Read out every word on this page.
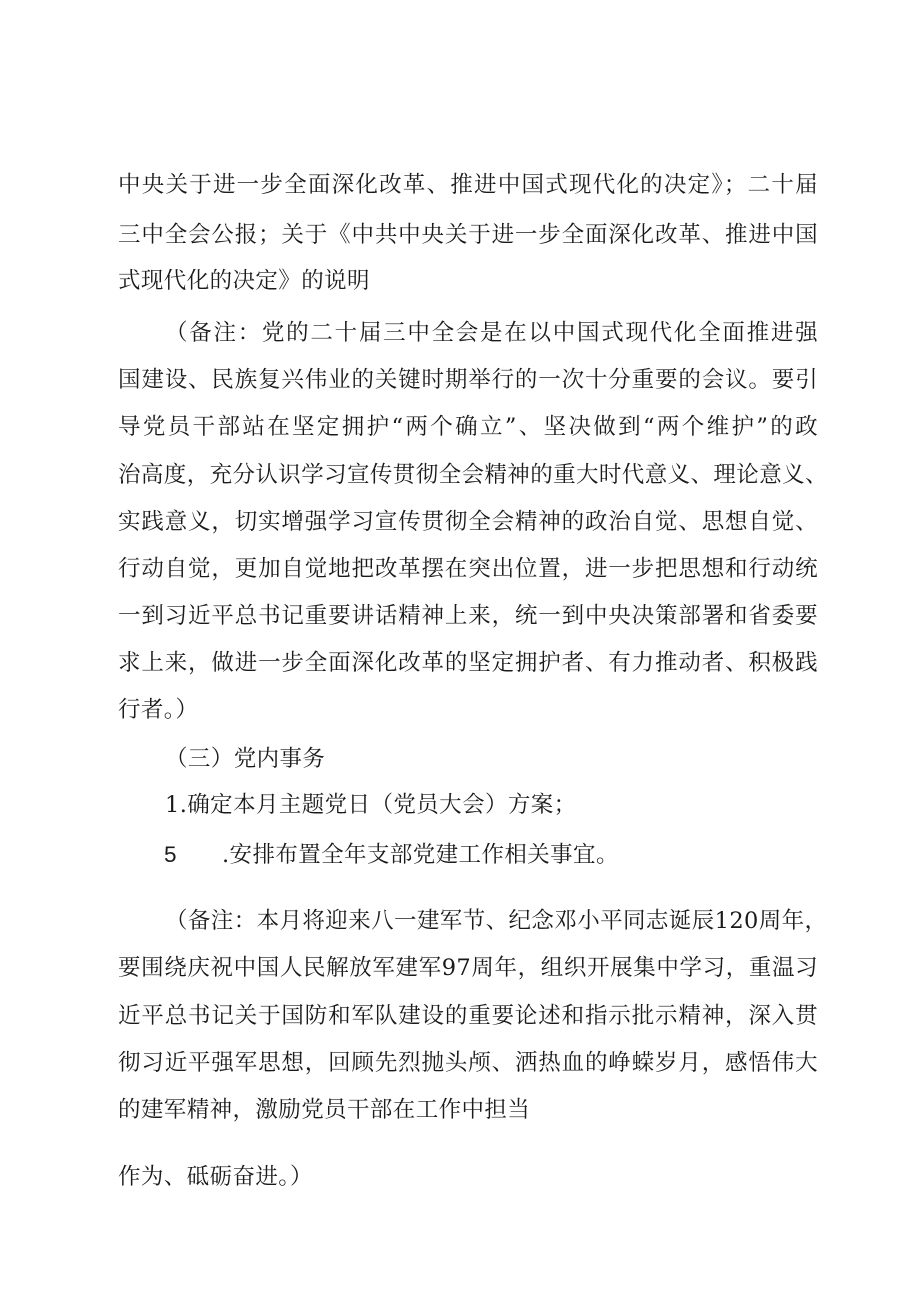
中央关于进一步全面深化改革、推进中国式现代化的决定》；二十届
三中全会公报；关于《中共中央关于进一步全面深化改革、推进中国
式现代化的决定》的说明
（备注：党的二十届三中全会是在以中国式现代化全面推进强
国建设、民族复兴伟业的关键时期举行的一次十分重要的会议。要引
导党员干部站在坚定拥护“两个确立”、坚决做到“两个维护”的政
治高度，充分认识学习宣传贯彻全会精神的重大时代意义、理论意义、
实践意义，切实增强学习宣传贯彻全会精神的政治自觉、思想自觉、
行动自觉，更加自觉地把改革摆在突出位置，进一步把思想和行动统
一到习近平总书记重要讲话精神上来，统一到中央决策部署和省委要
求上来，做进一步全面深化改革的坚定拥护者、有力推动者、积极践
行者。）
（三）党内事务
1.确定本月主题党日（党员大会）方案；
5 .安排布置全年支部党建工作相关事宜。
（备注：本月将迎来八一建军节、纪念邓小平同志诞辰120周年，
要围绕庆祝中国人民解放军建军97周年，组织开展集中学习，重温习
近平总书记关于国防和军队建设的重要论述和指示批示精神，深入贯
彻习近平强军思想，回顾先烈抛头颅、洒热血的峥蝾岁月，感悟伟大
的建军精神，激励党员干部在工作中担当
作为、砥砺奋进。）
